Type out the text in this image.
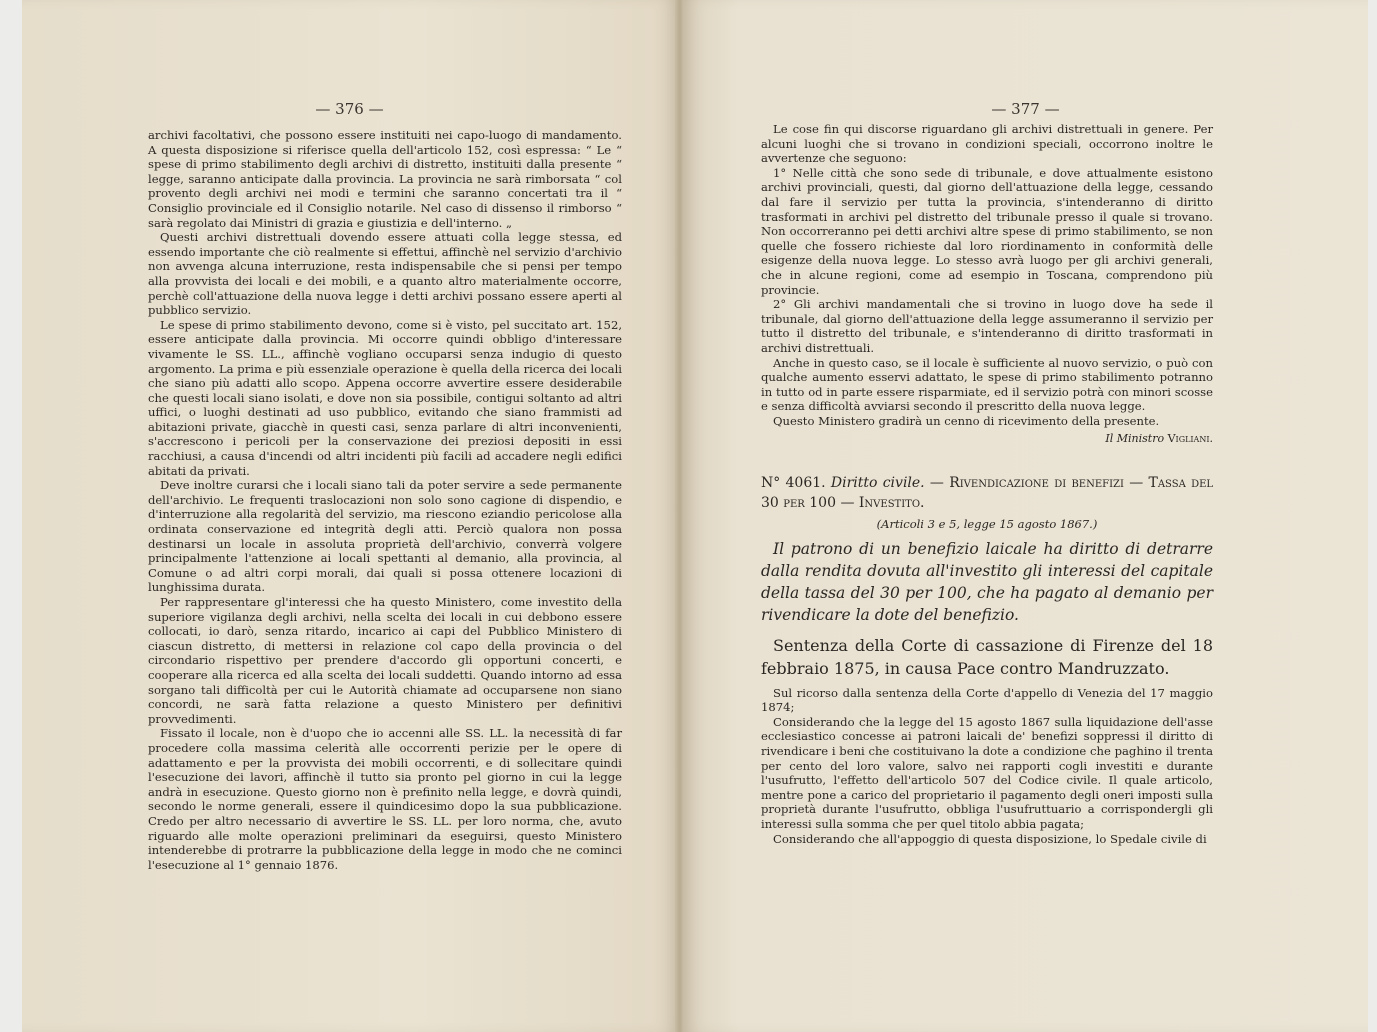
— 376 —

archivi facoltativi, che possono essere instituiti nei capo-luogo di mandamento. A questa disposizione si riferisce quella dell'articolo 152, così espressa: “ Le “ spese di primo stabilimento degli archivi di distretto, instituiti dalla presente “ legge, saranno anticipate dalla provincia. La provincia ne sarà rimborsata “ col provento degli archivi nei modi e termini che saranno concertati tra il “ Consiglio provinciale ed il Consiglio notarile. Nel caso di dissenso il rimborso “ sarà regolato dai Ministri di grazia e giustizia e dell'interno. „

Questi archivi distrettuali dovendo essere attuati colla legge stessa, ed essendo importante che ciò realmente si effettui, affinchè nel servizio d'archivio non avvenga alcuna interruzione, resta indispensabile che si pensi per tempo alla provvista dei locali e dei mobili, e a quanto altro materialmente occorre, perchè coll'attuazione della nuova legge i detti archivi possano essere aperti al pubblico servizio.

Le spese di primo stabilimento devono, come si è visto, pel succitato art. 152, essere anticipate dalla provincia. Mi occorre quindi obbligo d'interessare vivamente le SS. LL., affinchè vogliano occuparsi senza indugio di questo argomento. La prima e più essenziale operazione è quella della ricerca dei locali che siano più adatti allo scopo. Appena occorre avvertire essere desiderabile che questi locali siano isolati, e dove non sia possibile, contigui soltanto ad altri uffici, o luoghi destinati ad uso pubblico, evitando che siano frammisti ad abitazioni private, giacchè in questi casi, senza parlare di altri inconvenienti, s'accrescono i pericoli per la conservazione dei preziosi depositi in essi racchiusi, a causa d'incendi od altri incidenti più facili ad accadere negli edifici abitati da privati.

Deve inoltre curarsi che i locali siano tali da poter servire a sede permanente dell'archivio. Le frequenti traslocazioni non solo sono cagione di dispendio, e d'interruzione alla regolarità del servizio, ma riescono eziandio pericolose alla ordinata conservazione ed integrità degli atti. Perciò qualora non possa destinarsi un locale in assoluta proprietà dell'archivio, converrà volgere principalmente l'attenzione ai locali spettanti al demanio, alla provincia, al Comune o ad altri corpi morali, dai quali si possa ottenere locazioni di lunghissima durata.

Per rappresentare gl'interessi che ha questo Ministero, come investito della superiore vigilanza degli archivi, nella scelta dei locali in cui debbono essere collocati, io darò, senza ritardo, incarico ai capi del Pubblico Ministero di ciascun distretto, di mettersi in relazione col capo della provincia o del circondario rispettivo per prendere d'accordo gli opportuni concerti, e cooperare alla ricerca ed alla scelta dei locali suddetti. Quando intorno ad essa sorgano tali difficoltà per cui le Autorità chiamate ad occuparsene non siano concordi, ne sarà fatta relazione a questo Ministero per definitivi provvedimenti.

Fissato il locale, non è d'uopo che io accenni alle SS. LL. la necessità di far procedere colla massima celerità alle occorrenti perizie per le opere di adattamento e per la provvista dei mobili occorrenti, e di sollecitare quindi l'esecuzione dei lavori, affinchè il tutto sia pronto pel giorno in cui la legge andrà in esecuzione. Questo giorno non è prefinito nella legge, e dovrà quindi, secondo le norme generali, essere il quindicesimo dopo la sua pubblicazione. Credo per altro necessario di avvertire le SS. LL. per loro norma, che, avuto riguardo alle molte operazioni preliminari da eseguirsi, questo Ministero intenderebbe di protrarre la pubblicazione della legge in modo che ne cominci l'esecuzione al 1° gennaio 1876.

— 377 —

Le cose fin qui discorse riguardano gli archivi distrettuali in genere. Per alcuni luoghi che si trovano in condizioni speciali, occorrono inoltre le avvertenze che seguono:

1° Nelle città che sono sede di tribunale, e dove attualmente esistono archivi provinciali, questi, dal giorno dell'attuazione della legge, cessando dal fare il servizio per tutta la provincia, s'intenderanno di diritto trasformati in archivi pel distretto del tribunale presso il quale si trovano. Non occorreranno pei detti archivi altre spese di primo stabilimento, se non quelle che fossero richieste dal loro riordinamento in conformità delle esigenze della nuova legge. Lo stesso avrà luogo per gli archivi generali, che in alcune regioni, come ad esempio in Toscana, comprendono più provincie.

2° Gli archivi mandamentali che si trovino in luogo dove ha sede il tribunale, dal giorno dell'attuazione della legge assumeranno il servizio per tutto il distretto del tribunale, e s'intenderanno di diritto trasformati in archivi distrettuali.

Anche in questo caso, se il locale è sufficiente al nuovo servizio, o può con qualche aumento esservi adattato, le spese di primo stabilimento potranno in tutto od in parte essere risparmiate, ed il servizio potrà con minori scosse e senza difficoltà avviarsi secondo il prescritto della nuova legge.

Questo Ministero gradirà un cenno di ricevimento della presente.

Il Ministro Vigliani.
N° 4061. Diritto civile. — Rivendicazione di benefizi — Tassa del 30 per 100 — Investito.
(Articoli 3 e 5, legge 15 agosto 1867.)
Il patrono di un benefizio laicale ha diritto di detrarre dalla rendita dovuta all'investito gli interessi del capitale della tassa del 30 per 100, che ha pagato al demanio per rivendicare la dote del benefizio.
Sentenza della Corte di cassazione di Firenze del 18 febbraio 1875, in causa Pace contro Mandruzzato.

Sul ricorso dalla sentenza della Corte d'appello di Venezia del 17 maggio 1874;

Considerando che la legge del 15 agosto 1867 sulla liquidazione dell'asse ecclesiastico concesse ai patroni laicali de' benefizi soppressi il diritto di rivendicare i beni che costituivano la dote a condizione che paghino il trenta per cento del loro valore, salvo nei rapporti cogli investiti e durante l'usufrutto, l'effetto dell'articolo 507 del Codice civile. Il quale articolo, mentre pone a carico del proprietario il pagamento degli oneri imposti sulla proprietà durante l'usufrutto, obbliga l'usufruttuario a corrispondergli gli interessi sulla somma che per quel titolo abbia pagata;

Considerando che all'appoggio di questa disposizione, lo Spedale civile di
